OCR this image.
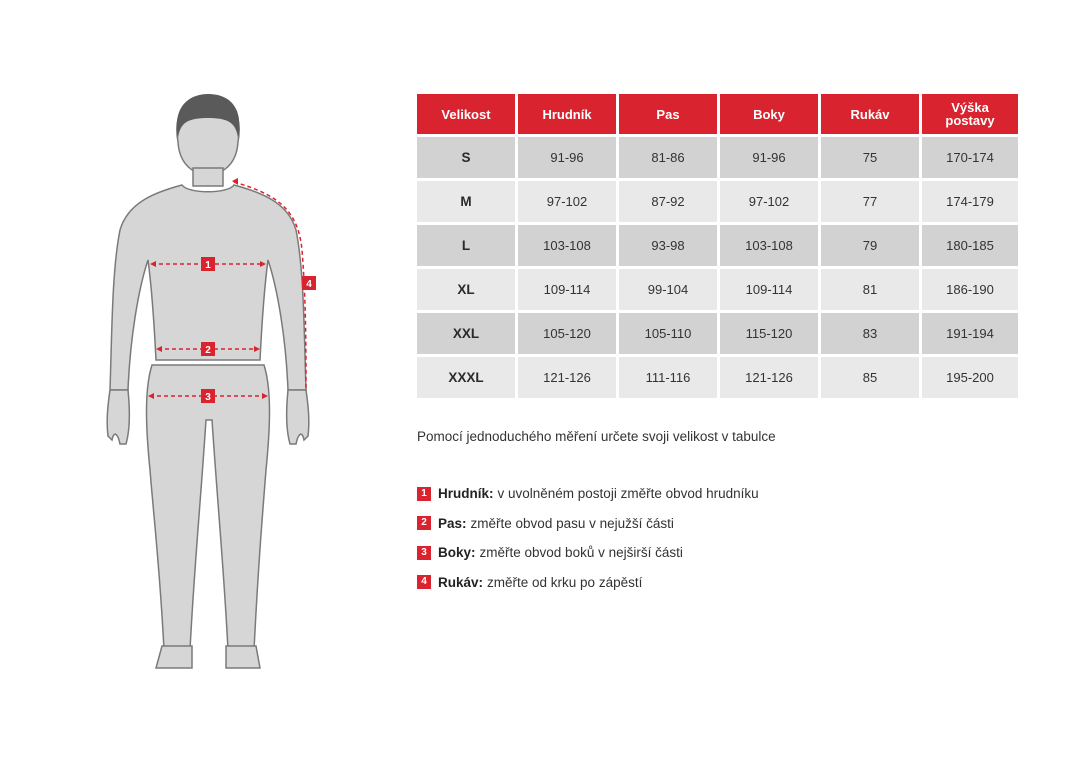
1
2
3
4
Velikost	Hrudník	Pas	Boky	Rukáv	Výška postavy
S	91-96	81-86	91-96	75	170-174
M	97-102	87-92	97-102	77	174-179
L	103-108	93-98	103-108	79	180-185
XL	109-114	99-104	109-114	81	186-190
XXL	105-120	105-110	115-120	83	191-194
XXXL	121-126	111-116	121-126	85	195-200
Pomocí jednoduchého měření určete svoji velikost v tabulce
1 Hrudník: v uvolněném postoji změřte obvod hrudníku
2 Pas: změřte obvod pasu v nejužší části
3 Boky: změřte obvod boků v nejširší části
4 Rukáv: změřte od krku po zápěstí
